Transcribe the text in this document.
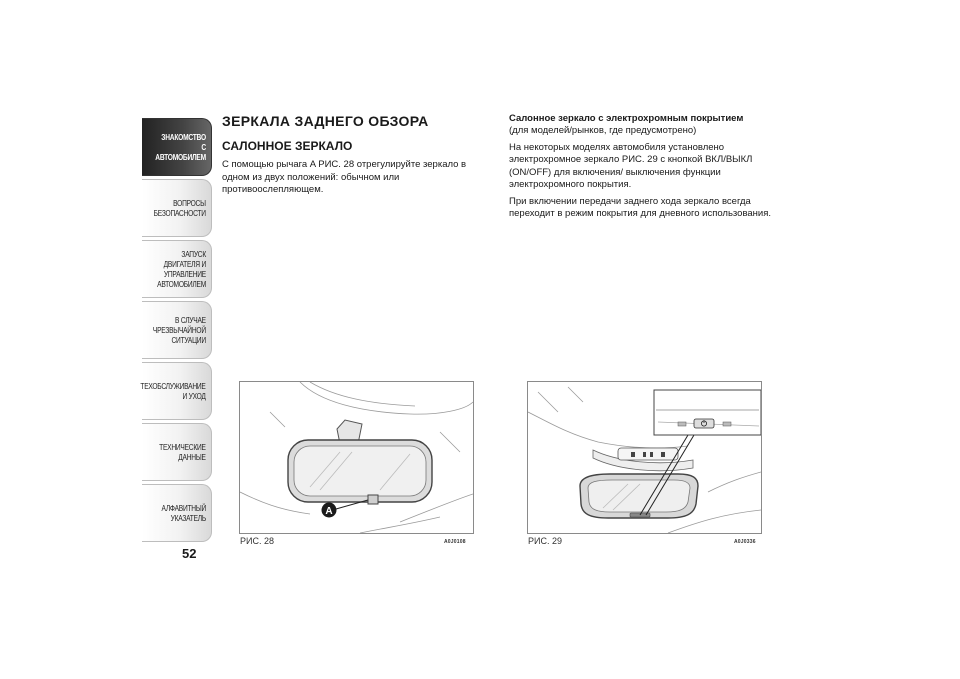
ЗНАКОМСТВО С
АВТОМОБИЛЕМ
ВОПРОСЫ
БЕЗОПАСНОСТИ
ЗАПУСК ДВИГАТЕЛЯ И
УПРАВЛЕНИЕ
АВТОМОБИЛЕМ
В СЛУЧАЕ
ЧРЕЗВЫЧАЙНОЙ
СИТУАЦИИ
ТЕХОБСЛУЖИВАНИЕ
И УХОД
ТЕХНИЧЕСКИЕ
ДАННЫЕ
АЛФАВИТНЫЙ
УКАЗАТЕЛЬ
52
ЗЕРКАЛА ЗАДНЕГО ОБЗОРА
САЛОННОЕ ЗЕРКАЛО
С помощью рычага A РИС. 28 отрегулируйте зеркало в одном из двух положений: обычном или противоослепляющем.
Салонное зеркало с электрохромным покрытием
(для моделей/рынков, где предусмотрено)
На некоторых моделях автомобиля установлено электрохромное зеркало РИС. 29 с кнопкой ВКЛ/ВЫКЛ (ON/OFF) для включения/ выключения функции электрохромного покрытия.
При включении передачи заднего хода зеркало всегда переходит в режим покрытия для дневного использования.
A
РИС. 28	A0J0108	РИС. 29	A0J0336
